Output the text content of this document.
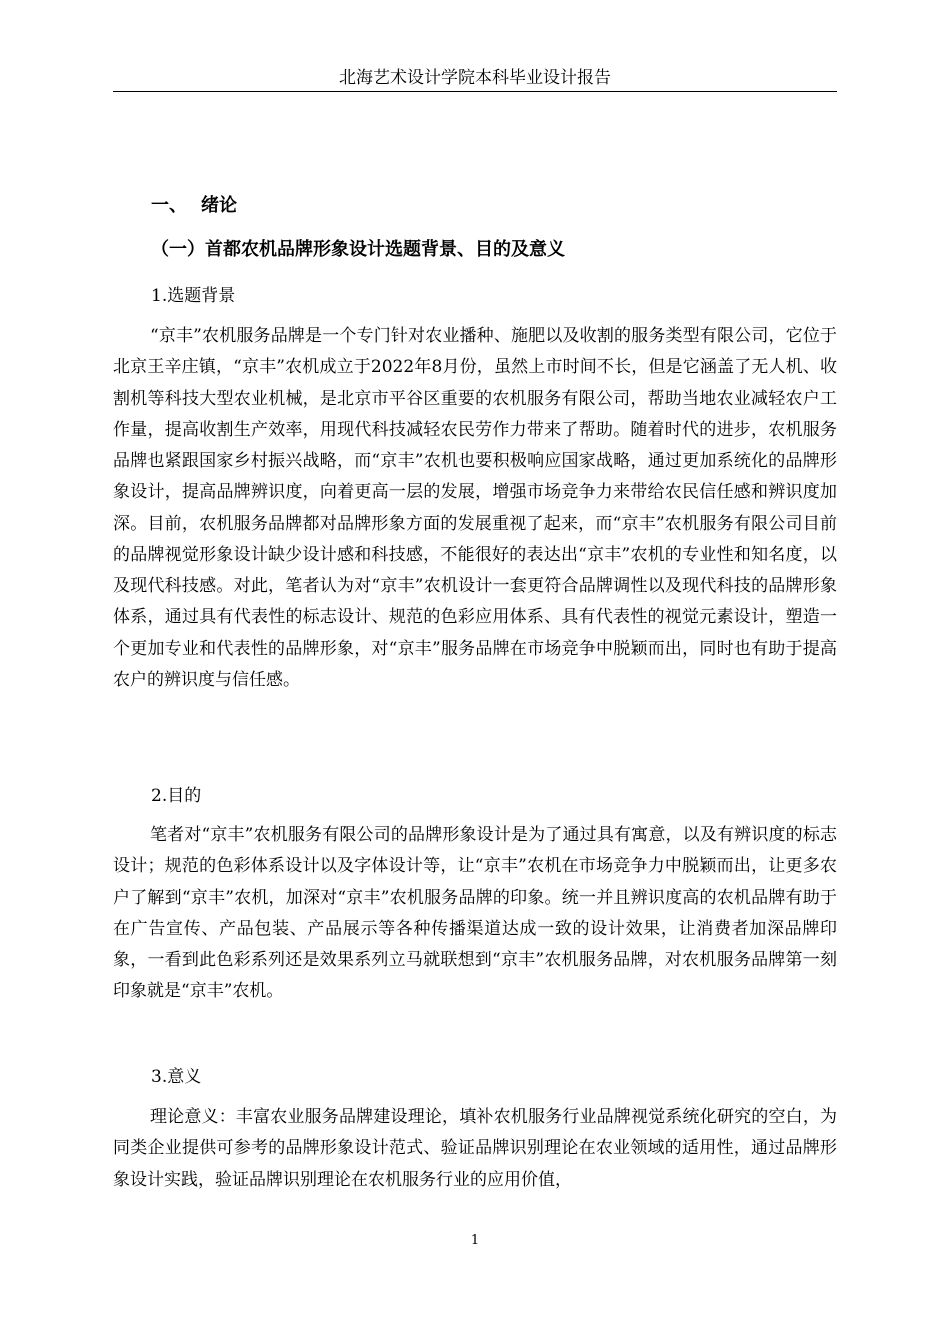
北海艺术设计学院本科毕业设计报告
一、 绪论
（一）首都农机品牌形象设计选题背景、目的及意义
1.选题背景

“京丰”农机服务品牌是一个专门针对农业播种、施肥以及收割的服务类型有限公司，它位于北京王辛庄镇，“京丰”农机成立于2022年8月份，虽然上市时间不长，但是它涵盖了无人机、收割机等科技大型农业机械，是北京市平谷区重要的农机服务有限公司，帮助当地农业减轻农户工作量，提高收割生产效率，用现代科技减轻农民劳作力带来了帮助。随着时代的进步，农机服务品牌也紧跟国家乡村振兴战略，而“京丰”农机也要积极响应国家战略，通过更加系统化的品牌形象设计，提高品牌辨识度，向着更高一层的发展，增强市场竞争力来带给农民信任感和辨识度加深。目前，农机服务品牌都对品牌形象方面的发展重视了起来，而“京丰”农机服务有限公司目前的品牌视觉形象设计缺少设计感和科技感，不能很好的表达出“京丰”农机的专业性和知名度，以及现代科技感。对此，笔者认为对“京丰”农机设计一套更符合品牌调性以及现代科技的品牌形象体系，通过具有代表性的标志设计、规范的色彩应用体系、具有代表性的视觉元素设计，塑造一个更加专业和代表性的品牌形象，对“京丰”服务品牌在市场竞争中脱颖而出，同时也有助于提高农户的辨识度与信任感。

2.目的

笔者对“京丰”农机服务有限公司的品牌形象设计是为了通过具有寓意，以及有辨识度的标志设计；规范的色彩体系设计以及字体设计等，让“京丰”农机在市场竞争力中脱颖而出，让更多农户了解到“京丰”农机，加深对“京丰”农机服务品牌的印象。统一并且辨识度高的农机品牌有助于在广告宣传、产品包装、产品展示等各种传播渠道达成一致的设计效果，让消费者加深品牌印象，一看到此色彩系列还是效果系列立马就联想到“京丰”农机服务品牌，对农机服务品牌第一刻印象就是“京丰”农机。

3.意义

理论意义：丰富农业服务品牌建设理论，填补农机服务行业品牌视觉系统化研究的空白，为同类企业提供可参考的品牌形象设计范式、验证品牌识别理论在农业领域的适用性，通过品牌形象设计实践，验证品牌识别理论在农机服务行业的应用价值，

1
